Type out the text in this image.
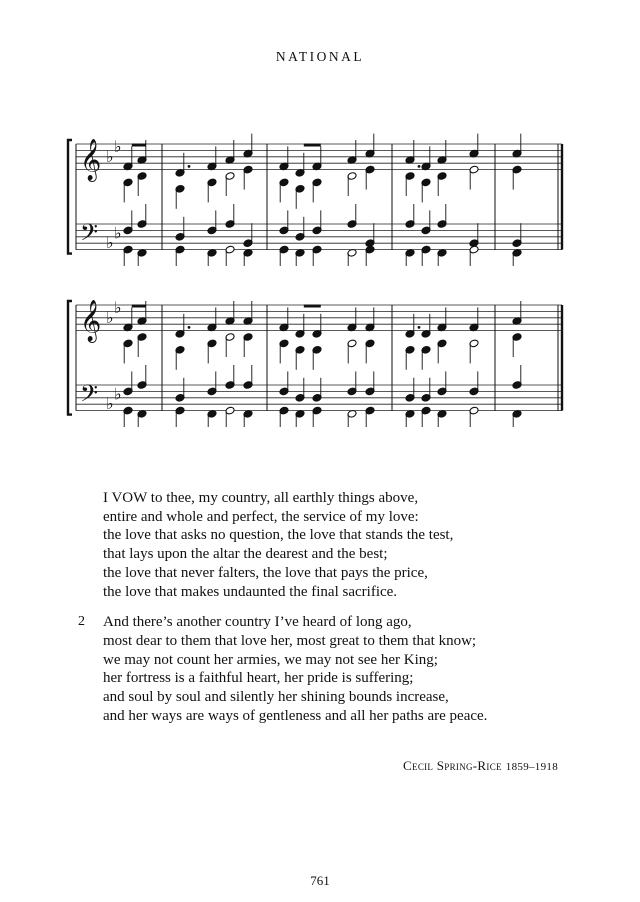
NATIONAL
𝄞 ♭
♭
𝄢 ♭
♭
𝄞 ♭
♭
𝄢 ♭
♭
I VOW to thee, my country, all earthly things above,
entire and whole and perfect, the service of my love:
the love that asks no question, the love that stands the test,
that lays upon the altar the dearest and the best;
the love that never falters, the love that pays the price,
the love that makes undaunted the final sacrifice.
2	And there’s another country I’ve heard of long ago,
most dear to them that love her, most great to them that know;
we may not count her armies, we may not see her King;
her fortress is a faithful heart, her pride is suffering;
and soul by soul and silently her shining bounds increase,
and her ways are ways of gentleness and all her paths are peace.
Cecil Spring-Rice 1859–1918
761
